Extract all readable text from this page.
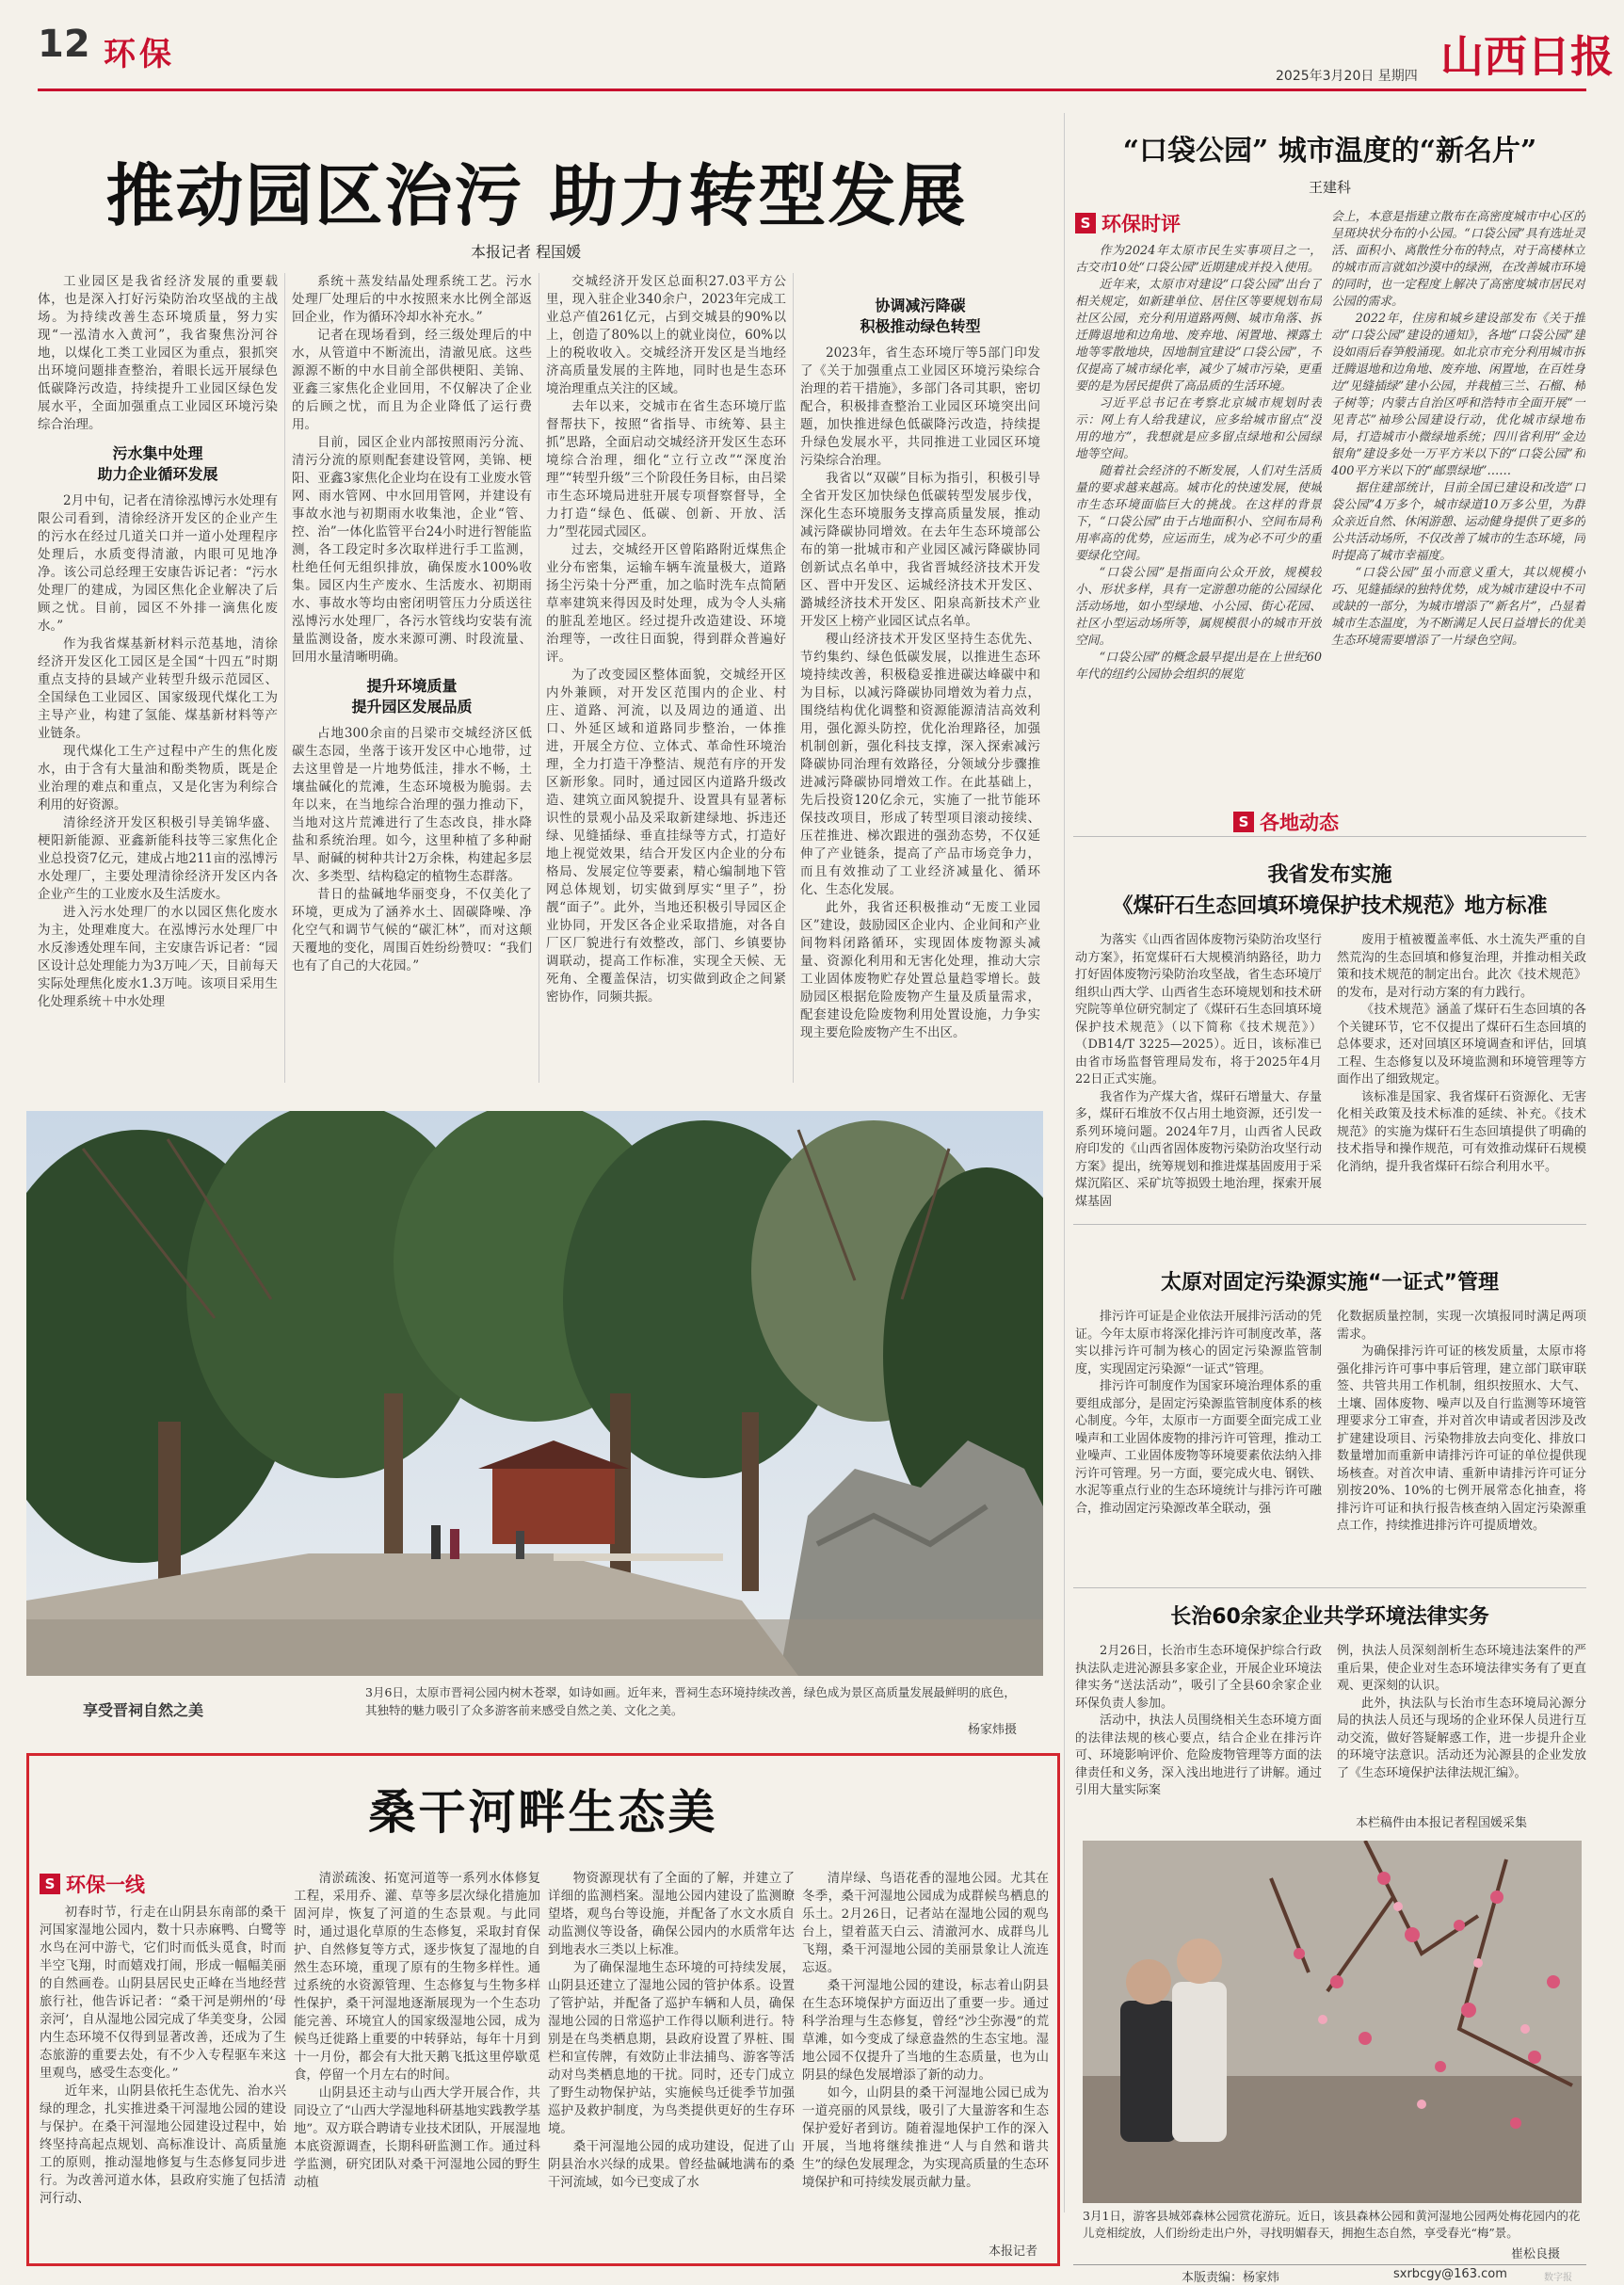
12 环保
2025年3月20日 星期四 山西日报
推动园区治污 助力转型发展
本报记者 程国媛

工业园区是我省经济发展的重要载体，也是深入打好污染防治攻坚战的主战场。为持续改善生态环境质量，努力实现“一泓清水入黄河”，我省聚焦汾河谷地，以煤化工类工业园区为重点，狠抓突出环境问题排查整治，着眼长远开展绿色低碳降污改造，持续提升工业园区绿色发展水平，全面加强重点工业园区环境污染综合治理。

污水集中处理
助力企业循环发展

2月中旬，记者在清徐泓博污水处理有限公司看到，清徐经济开发区的企业产生的污水在经过几道关口并一道小处理程序处理后，水质变得清澈，内眼可见地净净。该公司总经理王安康告诉记者：“污水处理厂的建成，为园区焦化企业解决了后顾之忧。目前，园区不外排一滴焦化废水。”

作为我省煤基新材料示范基地，清徐经济开发区化工园区是全国“十四五”时期重点支持的县域产业转型升级示范园区、全国绿色工业园区、国家级现代煤化工为主导产业，构建了氢能、煤基新材料等产业链条。

现代煤化工生产过程中产生的焦化废水，由于含有大量油和酚类物质，既是企业治理的难点和重点，又是化害为利综合利用的好资源。

清徐经济开发区积极引导美锦华盛、梗阳新能源、亚鑫新能科技等三家焦化企业总投资7亿元，建成占地211亩的泓博污水处理厂，主要处理清徐经济开发区内各企业产生的工业废水及生活废水。

进入污水处理厂的水以园区焦化废水为主，处理难度大。在泓博污水处理厂中水反渗透处理车间，主安康告诉记者：“园区设计总处理能力为3万吨／天，目前每天实际处理焦化废水1.3万吨。该项目采用生化处理系统＋中水处理

系统＋蒸发结晶处理系统工艺。污水处理厂处理后的中水按照来水比例全部返回企业，作为循环冷却水补充水。”

记者在现场看到，经三级处理后的中水，从管道中不断流出，清澈见底。这些源源不断的中水目前全部供梗阳、美锦、亚鑫三家焦化企业回用，不仅解决了企业的后顾之忧，而且为企业降低了运行费用。

目前，园区企业内部按照雨污分流、清污分流的原则配套建设管网，美锦、梗阳、亚鑫3家焦化企业均在设有工业废水管网、雨水管网、中水回用管网，并建设有事故水池与初期雨水收集池，企业“管、控、治”一体化监管平台24小时进行智能监测，各工段定时多次取样进行手工监测，杜绝任何无组织排放，确保废水100%收集。园区内生产废水、生活废水、初期雨水、事故水等均由密闭明管压力分质送往泓博污水处理厂，各污水管线均安装有流量监测设备，废水来源可溯、时段流量、回用水量清晰明确。

提升环境质量
提升园区发展品质

占地300余亩的吕梁市交城经济区低碳生态园，坐落于该开发区中心地带，过去这里曾是一片地势低洼，排水不畅，土壤盐碱化的荒滩，生态环境极为脆弱。去年以来，在当地综合治理的强力推动下，当地对这片荒滩进行了生态改良，排水降盐和系统治理。如今，这里种植了多种耐旱、耐碱的树种共计2万余株，构建起多层次、多类型、结构稳定的植物生态群落。

昔日的盐碱地华丽变身，不仅美化了环境，更成为了涵养水土、固碳降噪、净化空气和调节气候的“碳汇林”，而对这颠天覆地的变化，周围百姓纷纷赞叹：“我们也有了自己的大花园。”

交城经济开发区总面积27.03平方公里，现入驻企业340余户，2023年完成工业总产值261亿元，占到交城县的90%以上，创造了80%以上的就业岗位，60%以上的税收收入。交城经济开发区是当地经济高质量发展的主阵地，同时也是生态环境治理重点关注的区域。

去年以来，交城市在省生态环境厅监督帮扶下，按照“省指导、市统筹、县主抓”思路，全面启动交城经济开发区生态环境综合治理，细化“立行立改”“深度治理”“转型升级”三个阶段任务目标，由吕梁市生态环境局进驻开展专项督察督导，全力打造“绿色、低碳、创新、开放、活力”型花园式园区。

过去，交城经开区曾陷路附近煤焦企业分布密集，运输车辆车流量极大，道路扬尘污染十分严重，加之临时洗车点简陋草率建筑来得因及时处理，成为令人头痛的脏乱差地区。经过提升改造建设、环境治理等，一改往日面貌，得到群众普遍好评。

为了改变园区整体面貌，交城经开区内外兼顾，对开发区范围内的企业、村庄、道路、河流，以及周边的通道、出口、外延区域和道路同步整治，一体推进，开展全方位、立体式、革命性环境治理，全力打造干净整洁、规范有序的开发区新形象。同时，通过园区内道路升级改造、建筑立面风貌提升、设置具有显著标识性的景观小品及采取新建绿地、拆违还绿、见缝插绿、垂直挂绿等方式，打造好地上视觉效果，结合开发区内企业的分布格局、发展定位等要素，精心编制地下管网总体规划，切实做到厚实“里子”，扮靓“面子”。此外，当地还积极引导园区企业协同，开发区各企业采取措施，对各自厂区厂貌进行有效整改，部门、乡镇要协调联动，提高工作标准，实现全天候、无死角、全覆盖保洁，切实做到政企之间紧密协作，同频共振。

协调减污降碳
积极推动绿色转型

2023年，省生态环境厅等5部门印发了《关于加强重点工业园区环境污染综合治理的若干措施》，多部门各司其职，密切配合，积极排查整治工业园区环境突出问题，加快推进绿色低碳降污改造，持续提升绿色发展水平，共同推进工业园区环境污染综合治理。

我省以“双碳”目标为指引，积极引导全省开发区加快绿色低碳转型发展步伐，深化生态环境服务支撑高质量发展，推动减污降碳协同增效。在去年生态环境部公布的第一批城市和产业园区减污降碳协同创新试点名单中，我省晋城经济技术开发区、晋中开发区、运城经济技术开发区、潞城经济技术开发区、阳泉高新技术产业开发区上榜产业园区试点名单。

稷山经济技术开发区坚持生态优先、节约集约、绿色低碳发展，以推进生态环境持续改善，积极稳妥推进碳达峰碳中和为目标，以减污降碳协同增效为着力点，围绕结构优化调整和资源能源清洁高效利用，强化源头防控，优化治理路径，加强机制创新，强化科技支撑，深入探索减污降碳协同治理有效路径，分领域分步骤推进减污降碳协同增效工作。在此基础上，先后投资120亿余元，实施了一批节能环保技改项目，形成了转型项目滚动接续、压茬推进、梯次跟进的强劲态势，不仅延伸了产业链条，提高了产品市场竞争力，而且有效推动了工业经济减量化、循环化、生态化发展。

此外，我省还积极推动“无废工业园区”建设，鼓励园区企业内、企业间和产业间物料闭路循环，实现固体废物源头减量、资源化利用和无害化处理，推动大宗工业固体废物贮存处置总量趋零增长。鼓励园区根据危险废物产生量及质量需求，配套建设危险废物利用处置设施，力争实现主要危险废物产生不出区。

享受晋祠自然之美
3月6日，太原市晋祠公园内树木苍翠，如诗如画。近年来，晋祠生态环境持续改善，绿色成为景区高质量发展最鲜明的底色，其独特的魅力吸引了众多游客前来感受自然之美、文化之美。
杨家炜摄
桑干河畔生态美
S 环保一线

初春时节，行走在山阴县东南部的桑干河国家湿地公园内，数十只赤麻鸭、白鹭等水鸟在河中游弋，它们时而低头觅食，时而半空飞翔，时而嬉戏打闹，形成一幅幅美丽的自然画卷。山阴县居民史正峰在当地经营旅行社，他告诉记者：“桑干河是朔州的‘母亲河’，自从湿地公园完成了华美变身，公园内生态环境不仅得到显著改善，还成为了生态旅游的重要去处，有不少入专程驱车来这里观鸟，感受生态变化。”

近年来，山阴县依托生态优先、治水兴绿的理念，扎实推进桑干河湿地公园的建设与保护。在桑干河湿地公园建设过程中，始终坚持高起点规划、高标准设计、高质量施工的原则，推动湿地修复与生态修复同步进行。为改善河道水体，县政府实施了包括清河行动、

清淤疏浚、拓宽河道等一系列水体修复工程，采用乔、灌、草等多层次绿化措施加固河岸，恢复了河道的生态景观。与此同时，通过退化草原的生态修复，采取封育保护、自然修复等方式，逐步恢复了湿地的自然生态环境，重现了原有的生物多样性。通过系统的水资源管理、生态修复与生物多样性保护，桑干河湿地逐渐展现为一个生态功能完善、环境宜人的国家级湿地公园，成为候鸟迁徙路上重要的中转驿站，每年十月到十一月份，都会有大批天鹅飞抵这里停歇觅食，停留一个月左右的时间。

山阴县还主动与山西大学开展合作，共同设立了“山西大学湿地科研基地实践教学基地”。双方联合聘请专业技术团队，开展湿地本底资源调查，长期科研监测工作。通过科学监测，研究团队对桑干河湿地公园的野生动植

物资源现状有了全面的了解，并建立了详细的监测档案。湿地公园内建设了监测瞭望塔，观鸟台等设施，并配备了水文水质自动监测仪等设备，确保公园内的水质常年达到地表水三类以上标准。

为了确保湿地生态环境的可持续发展，山阴县还建立了湿地公园的管护体系。设置了管护站，并配备了巡护车辆和人员，确保湿地公园的日常巡护工作得以顺利进行。特别是在鸟类栖息期，县政府设置了界桩、围栏和宣传牌，有效防止非法捕鸟、游客等活动对鸟类栖息地的干扰。同时，还专门成立了野生动物保护站，实施候鸟迁徙季节加强巡护及救护制度，为鸟类提供更好的生存环境。

桑干河湿地公园的成功建设，促进了山阴县治水兴绿的成果。曾经盐碱地满布的桑干河流域，如今已变成了水

清岸绿、鸟语花香的湿地公园。尤其在冬季，桑干河湿地公园成为成群候鸟栖息的乐土。2月26日，记者站在湿地公园的观鸟台上，望着蓝天白云、清澈河水、成群鸟儿飞翔，桑干河湿地公园的美丽景象让人流连忘返。

桑干河湿地公园的建设，标志着山阴县在生态环境保护方面迈出了重要一步。通过科学治理与生态修复，曾经“沙尘弥漫”的荒草滩，如今变成了绿意盎然的生态宝地。湿地公园不仅提升了当地的生态质量，也为山阴县的绿色发展增添了新的动力。

如今，山阴县的桑干河湿地公园已成为一道亮丽的风景线，吸引了大量游客和生态保护爱好者到访。随着湿地保护工作的深入开展，当地将继续推进“人与自然和谐共生”的绿色发展理念，为实现高质量的生态环境保护和可持续发展贡献力量。

本报记者
“口袋公园” 城市温度的“新名片”
王建科
S 环保时评

作为2024年太原市民生实事项目之一，古交市10处“口袋公园”近期建成并投入使用。

近年来，太原市对建设“口袋公园”出台了相关规定，如新建单位、居住区等要规划布局社区公园，充分利用道路两侧、城市角落、拆迁腾退地和边角地、废弃地、闲置地、裸露土地等零散地块，因地制宜建设“口袋公园”，不仅提高了城市绿化率，减少了城市污染，更重要的是为居民提供了高品质的生活环境。

习近平总书记在考察北京城市规划时表示：网上有人给我建议，应多给城市留点“没用的地方”，我想就是应多留点绿地和公园绿地等空间。

随着社会经济的不断发展，人们对生活质量的要求越来越高。城市化的快速发展，使城市生态环境面临巨大的挑战。在这样的背景下，“口袋公园”由于占地面积小、空间布局利用率高的优势，应运而生，成为必不可少的重要绿化空间。

“口袋公园”是指面向公众开放，规模较小、形状多样，具有一定游憩功能的公园绿化活动场地，如小型绿地、小公园、街心花园、社区小型运动场所等，属规模很小的城市开放空间。

“口袋公园”的概念最早提出是在上世纪60年代的纽约公园协会组织的展览

会上，本意是指建立散布在高密度城市中心区的呈斑块状分布的小公园。“口袋公园”具有选址灵活、面积小、离散性分布的特点，对于高楼林立的城市而言就如沙漠中的绿洲，在改善城市环境的同时，也一定程度上解决了高密度城市居民对公园的需求。

2022年，住房和城乡建设部发布《关于推动“口袋公园”建设的通知》，各地“口袋公园”建设如雨后春笋般涌现。如北京市充分利用城市拆迁腾退地和边角地、废弃地、闲置地，在百姓身边“见缝插绿”建小公园，并栽植三兰、石榴、柿子树等；内蒙古自治区呼和浩特市全面开展“一见青芯”袖珍公园建设行动，优化城市绿地布局，打造城市小微绿地系统；四川省利用“金边银角”建设多处一万平方米以下的“口袋公园”和400平方米以下的“邮票绿地”……

据住建部统计，目前全国已建设和改造“口袋公园”4万多个，城市绿道10万多公里，为群众亲近自然、休闲游憩、运动健身提供了更多的公共活动场所，不仅改善了城市的生态环境，同时提高了城市幸福度。

“口袋公园”虽小而意义重大，其以规模小巧、见缝插绿的独特优势，成为城市建设中不可或缺的一部分，为城市增添了“新名片”，凸显着城市生态温度，为不断满足人民日益增长的优美生态环境需要增添了一片绿色空间。

S 各地动态
我省发布实施
《煤矸石生态回填环境保护技术规范》地方标准

为落实《山西省固体废物污染防治攻坚行动方案》，拓宽煤矸石大规模消纳路径，助力打好固体废物污染防治攻坚战，省生态环境厅组织山西大学、山西省生态环境规划和技术研究院等单位研究制定了《煤矸石生态回填环境保护技术规范》（以下简称《技术规范》）（DB14/T 3225—2025）。近日，该标准已由省市场监督管理局发布，将于2025年4月22日正式实施。

我省作为产煤大省，煤矸石增量大、存量多，煤矸石堆放不仅占用土地资源，还引发一系列环境问题。2024年7月，山西省人民政府印发的《山西省固体废物污染防治攻坚行动方案》提出，统筹规划和推进煤基固废用于采煤沉陷区、采矿坑等损毁土地治理，探索开展煤基固

废用于植被覆盖率低、水土流失严重的自然荒沟的生态回填和修复治理，并推动相关政策和技术规范的制定出台。此次《技术规范》的发布，是对行动方案的有力践行。

《技术规范》涵盖了煤矸石生态回填的各个关键环节，它不仅提出了煤矸石生态回填的总体要求，还对回填区环境调查和评估，回填工程、生态修复以及环境监测和环境管理等方面作出了细致规定。

该标准是国家、我省煤矸石资源化、无害化相关政策及技术标准的延续、补充。《技术规范》的实施为煤矸石生态回填提供了明确的技术指导和操作规范，可有效推动煤矸石规模化消纳，提升我省煤矸石综合利用水平。

太原对固定污染源实施“一证式”管理

排污许可证是企业依法开展排污活动的凭证。今年太原市将深化排污许可制度改革，落实以排污许可制为核心的固定污染源监管制度，实现固定污染源“一证式”管理。

排污许可制度作为国家环境治理体系的重要组成部分，是固定污染源监管制度体系的核心制度。今年，太原市一方面要全面完成工业噪声和工业固体废物的排污许可管理，推动工业噪声、工业固体废物等环境要素依法纳入排污许可管理。另一方面，要完成火电、钢铁、水泥等重点行业的生态环境统计与排污许可融合，推动固定污染源改革全联动，强

化数据质量控制，实现一次填报同时满足两项需求。

为确保排污许可证的核发质量，太原市将强化排污许可事中事后管理，建立部门联审联签、共管共用工作机制，组织按照水、大气、土壤、固体废物、噪声以及自行监测等环境管理要求分工审查，并对首次申请或者因涉及改扩建建设项目、污染物排放去向变化、排放口数量增加而重新申请排污许可证的单位提供现场核查。对首次申请、重新申请排污许可证分别按20%、10%的七例开展常态化抽查，将排污许可证和执行报告核查纳入固定污染源重点工作，持续推进排污许可提质增效。

长治60余家企业共学环境法律实务

2月26日，长治市生态环境保护综合行政执法队走进沁源县多家企业，开展企业环境法律实务“送法活动”，吸引了全县60余家企业环保负责人参加。

活动中，执法人员围绕相关生态环境方面的法律法规的核心要点，结合企业在排污许可、环境影响评价、危险废物管理等方面的法律责任和义务，深入浅出地进行了讲解。通过引用大量实际案

例，执法人员深刻剖析生态环境违法案件的严重后果，使企业对生态环境法律实务有了更直观、更深刻的认识。

此外，执法队与长治市生态环境局沁源分局的执法人员还与现场的企业环保人员进行互动交流，做好答疑解惑工作，进一步提升企业的环境守法意识。活动还为沁源县的企业发放了《生态环境保护法律法规汇编》。

本栏稿件由本报记者程国媛采集
3月1日，游客县城郊森林公园赏花游玩。近日，该县森林公园和黄河湿地公园两处梅花园内的花儿竞相绽放，人们纷纷走出户外，寻找明媚春天，拥抱生态自然，享受春光“梅”景。
崔松良摄
本版责编：杨家炜	sxrbcgy@163.com	数字报
